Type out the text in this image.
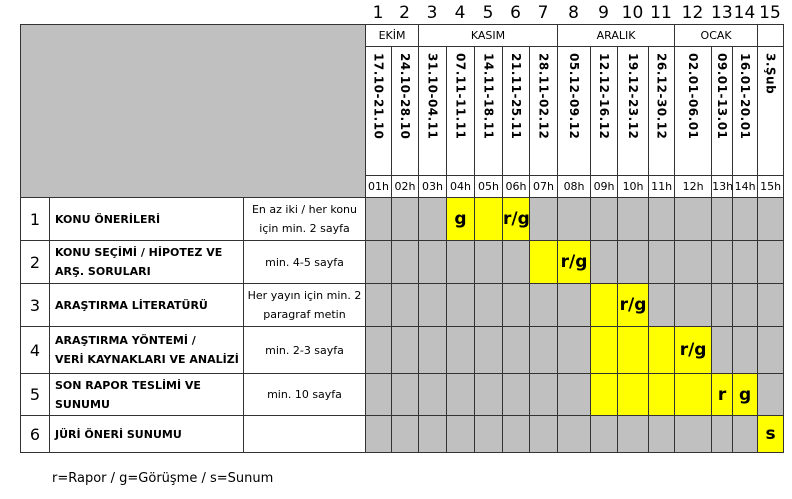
1 2 3	4	5 6 7	8	9 10 11 12 13 14 15
			EKİM		KASIM					ARALIK				OCAK			

			17.10-21.10	24.10-28.10	31.10-04.11	07.11-11.11	14.11-18.11	21.11-25.11	28.11-02.12	05.12-09.12	12.12-16.12	19.12-23.12	26.12-30.12	02.01-06.01	09.01-13.01	16.01-20.01	3.Şub

			01h	02h	03h	04h	05h	06h	07h	08h	09h	10h	11h	12h	13h	14h	15h
1	KONU ÖNERİLERİ	En az iki / her konu
için min. 2 sayfa				g		r/g									
2	KONU SEÇİMİ / HİPOTEZ VE
ARŞ. SORULARI	min. 4-5 sayfa								r/g							
3	ARAŞTIRMA LİTERATÜRÜ	Her yayın için min. 2
paragraf metin										r/g					
4	ARAŞTIRMA YÖNTEMİ /
VERİ KAYNAKLARI VE ANALİZİ	min. 2-3 sayfa												r/g			
5	SON RAPOR TESLİMİ VE
SUNUMU	min. 10 sayfa													r	g	
6	JÜRİ ÖNERİ SUNUMU																s
r=Rapor / g=Görüşme / s=Sunum
